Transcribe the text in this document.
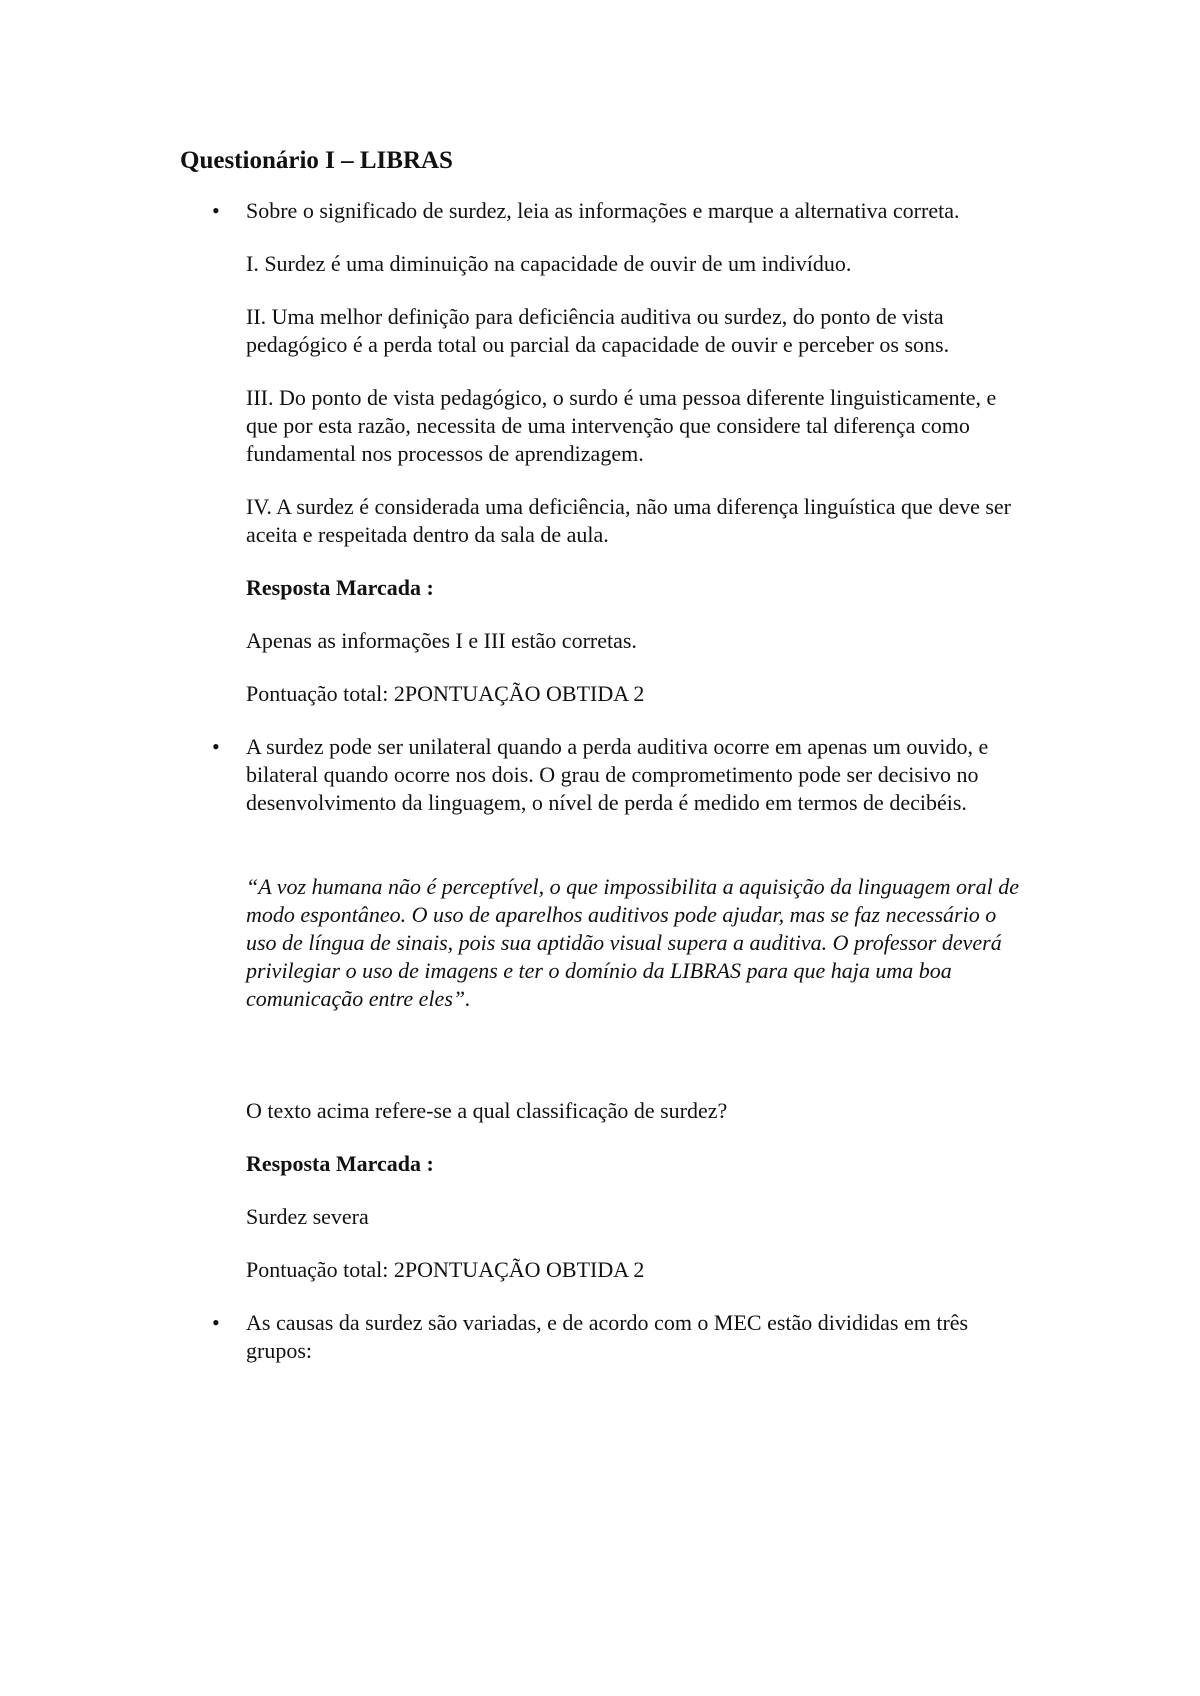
Questionário I – LIBRAS
• Sobre o significado de surdez, leia as informações e marque a alternativa correta.

I. Surdez é uma diminuição na capacidade de ouvir de um indivíduo.

II. Uma melhor definição para deficiência auditiva ou surdez, do ponto de vista pedagógico é a perda total ou parcial da capacidade de ouvir e perceber os sons.

III. Do ponto de vista pedagógico, o surdo é uma pessoa diferente linguisticamente, e que por esta razão, necessita de uma intervenção que considere tal diferença como fundamental nos processos de aprendizagem.

IV. A surdez é considerada uma deficiência, não uma diferença linguística que deve ser aceita e respeitada dentro da sala de aula.

Resposta Marcada :

Apenas as informações I e III estão corretas.

Pontuação total: 2PONTUAÇÃO OBTIDA 2

• A surdez pode ser unilateral quando a perda auditiva ocorre em apenas um ouvido, e bilateral quando ocorre nos dois. O grau de comprometimento pode ser decisivo no desenvolvimento da linguagem, o nível de perda é medido em termos de decibéis.

“A voz humana não é perceptível, o que impossibilita a aquisição da linguagem oral de modo espontâneo. O uso de aparelhos auditivos pode ajudar, mas se faz necessário o uso de língua de sinais, pois sua aptidão visual supera a auditiva. O professor deverá privilegiar o uso de imagens e ter o domínio da LIBRAS para que haja uma boa comunicação entre eles”.

O texto acima refere-se a qual classificação de surdez?

Resposta Marcada :

Surdez severa

Pontuação total: 2PONTUAÇÃO OBTIDA 2

• As causas da surdez são variadas, e de acordo com o MEC estão divididas em três grupos:
